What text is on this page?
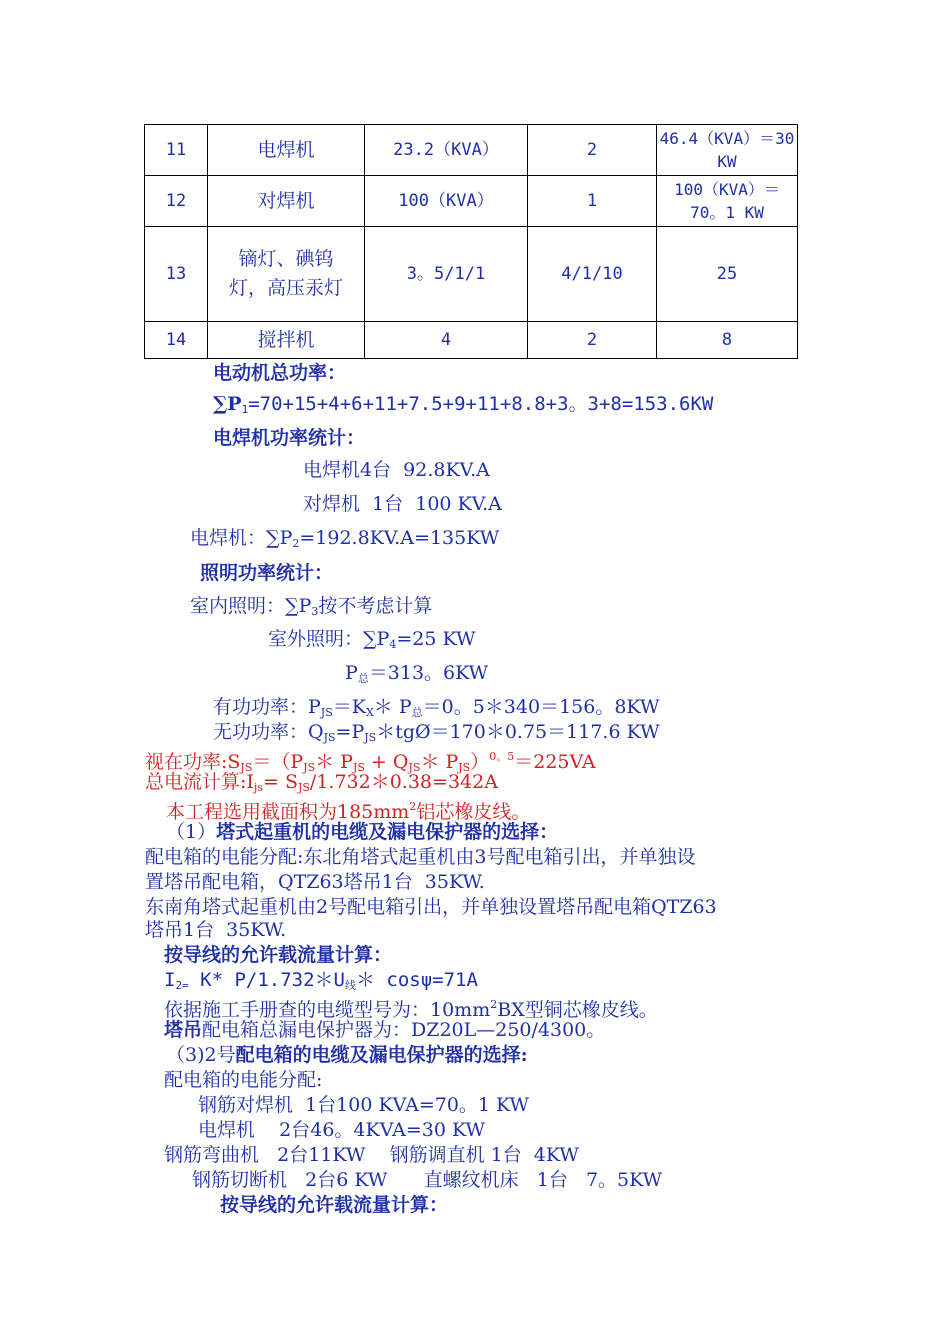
11	电焊机	23.2（KVA）	2	46.4（KVA）＝30 KW
12	对焊机	100（KVA）	1	100（KVA）＝70。1 KW
13	镝灯、碘钨灯，高压汞灯	3。5/1/1	4/1/10	25
14	搅拌机	4	2	8
电动机总功率：
$\sum P_1=70+15+4+6+11+7.5+9+11+8.8+3$。3+8=153.6KW
电焊机功率统计：
电焊机4台  92.8KV.A
对焊机  1台  100 KV.A
电焊机：$\sum P_2=192.8KV.A=135KW$
照明功率统计：
室内照明：$\sum P_3$按不考虑计算
室外照明：$\sum P_4=25$ KW
$P_总=313$。6KW
有功功率：$P_{JS}=K_X*$ $P_总=0$。5＊340＝156。8KW
无功功率：$Q_{JS}=P_{JS}*tgØ=170*0.75=117.6$ KW
视在功率$:S_{JS}=(P_{JS}*$ $P_{JS}$ + $Q_{JS}*$ $P_{JS})^{0。5}=225VA$
总电流计算$:I_{js}=$ $S_{JS}/1.732*0.38=342A$
本工程选用截面积为$185mm^2$铝芯橡皮线。
（1）塔式起重机的电缆及漏电保护器的选择：
配电箱的电能分配:东北角塔式起重机由3号配电箱引出，并单独设
置塔吊配电箱，QTZ63塔吊1台  35KW.
东南角塔式起重机由2号配电箱引出，并单独设置塔吊配电箱QTZ63
塔吊1台  35KW.
按导线的允许载流量计算：
$I_{2=}$ K* $P/1.732*U_线*$ cosψ=71A
依据施工手册查的电缆型号为：$10mm^2BX$型铜芯橡皮线。
塔吊配电箱总漏电保护器为：DZ20L—250/4300。
（3)2号配电箱的电缆及漏电保护器的选择:
配电箱的电能分配:
钢筋对焊机  1台100 KVA=70。1 KW
电焊机    2台46。4KVA=30 KW
钢筋弯曲机   2台11KW    钢筋调直机 1台  4KW
钢筋切断机   2台6 KW      直螺纹机床   1台   7。5KW
按导线的允许载流量计算：
